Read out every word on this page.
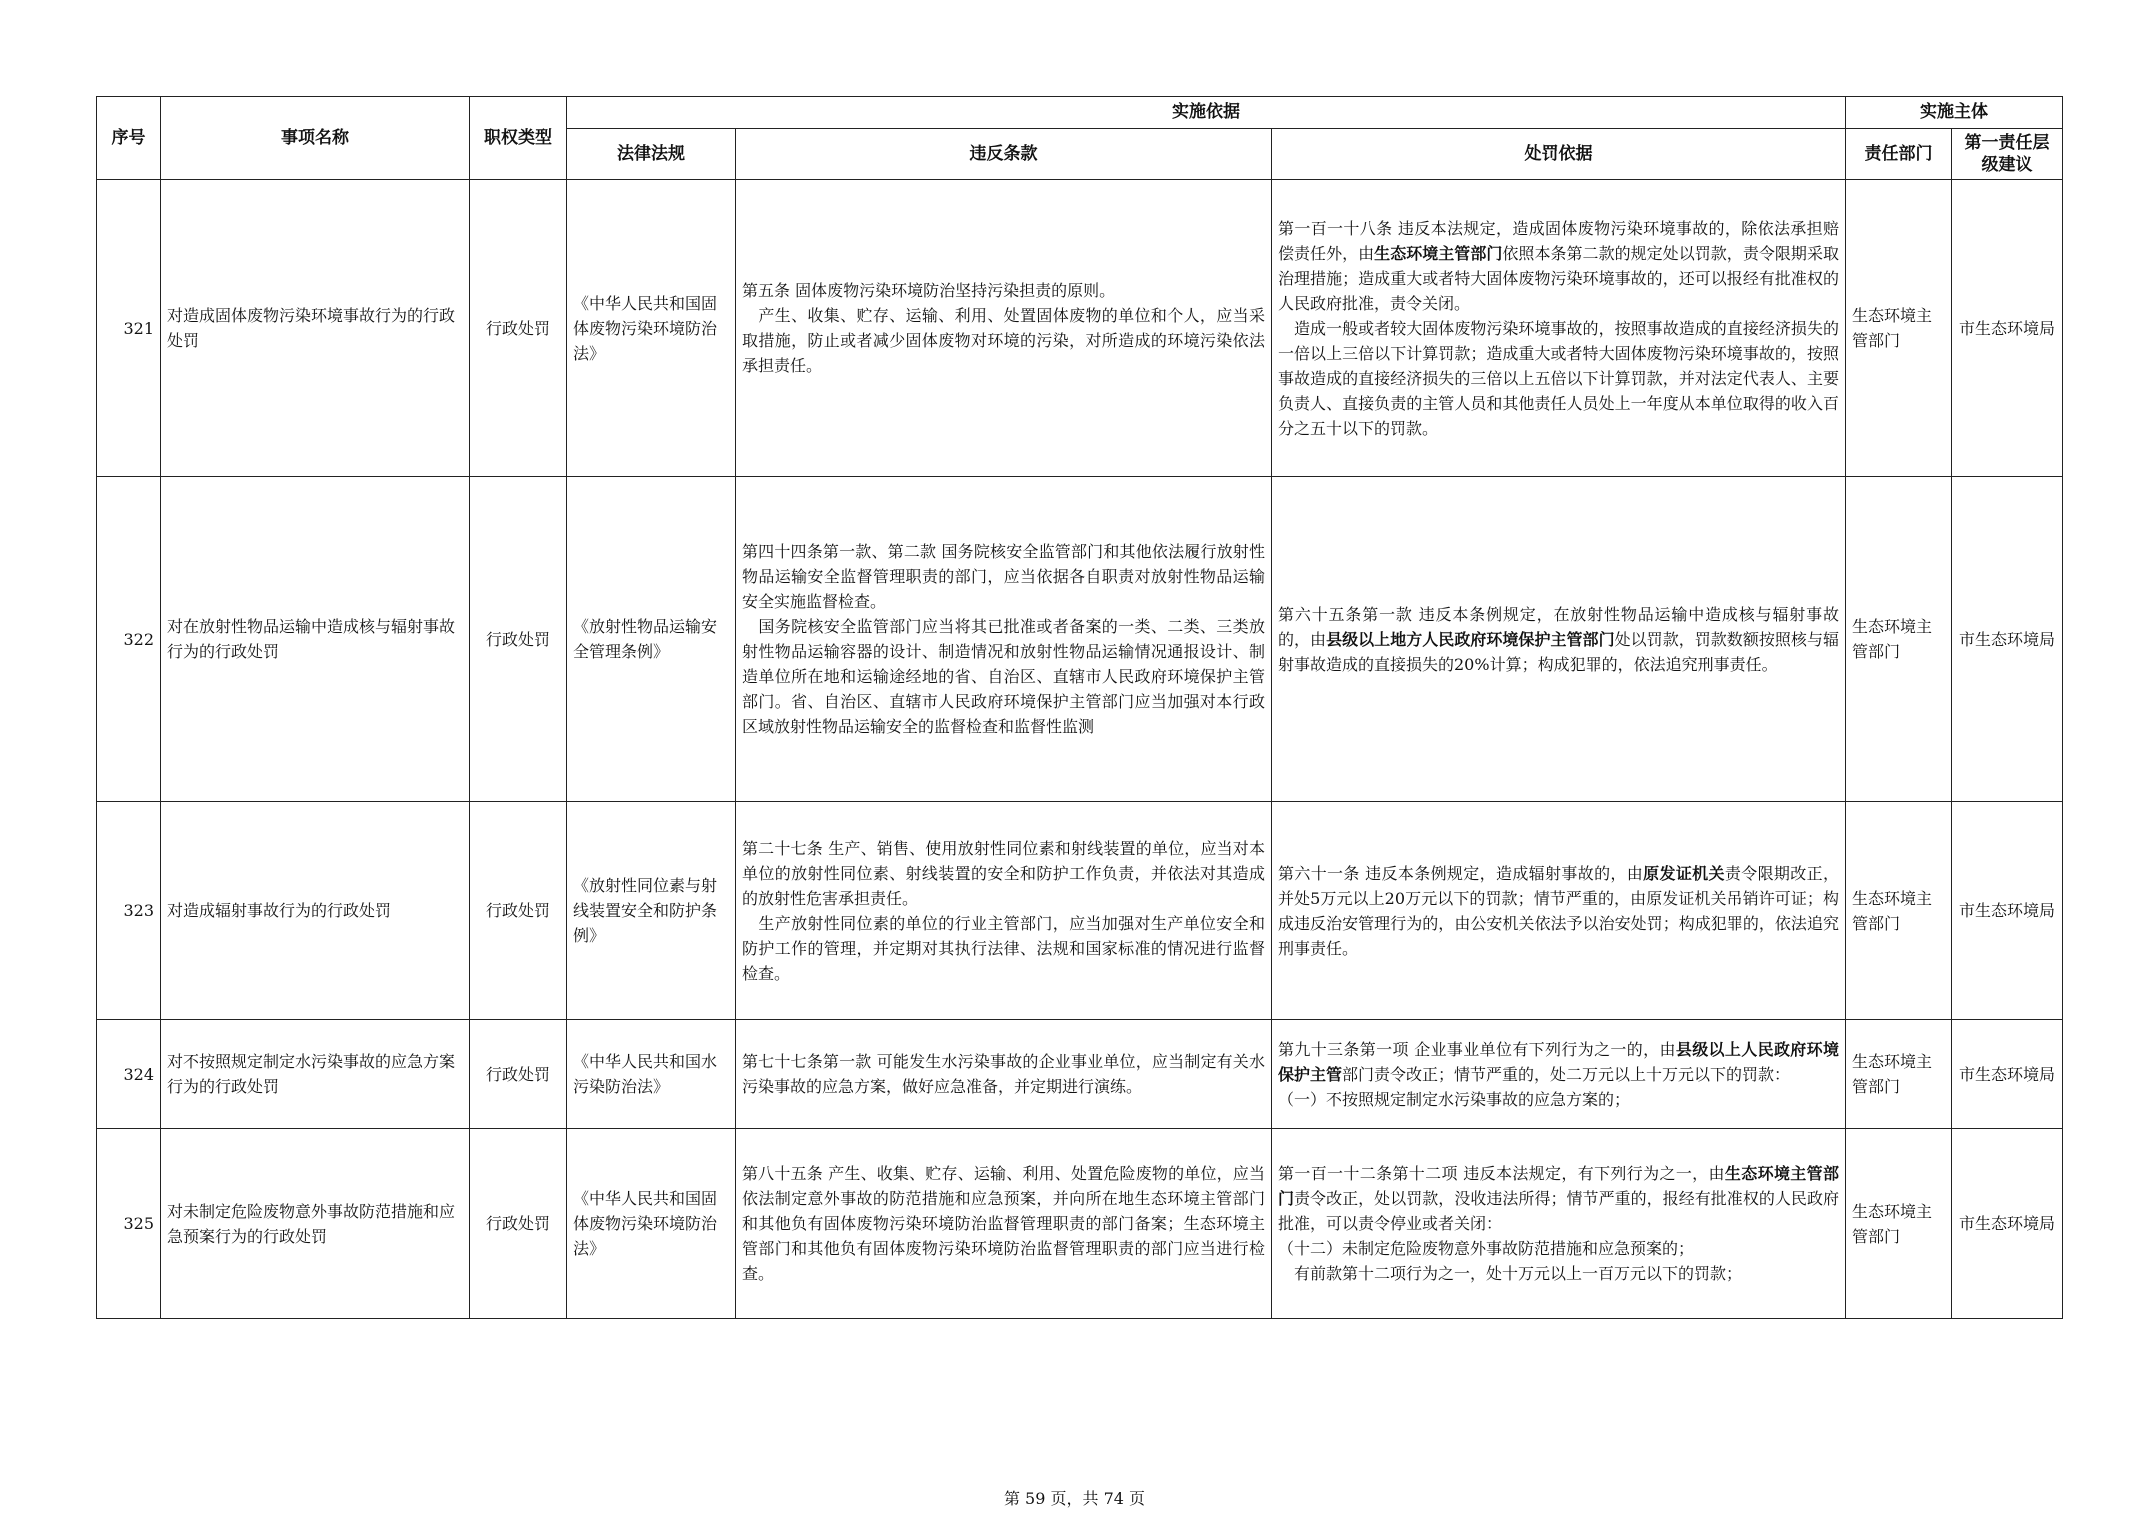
序号	事项名称	职权类型	实施依据			实施主体	
			法律法规	违反条款	处罚依据	责任部门	第一责任层级建议
321	对造成固体废物污染环境事故行为的行政处罚	行政处罚	《中华人民共和国固体废物污染环境防治法》	第五条 固体废物污染环境防治坚持污染担责的原则。
　产生、收集、贮存、运输、利用、处置固体废物的单位和个人，应当采取措施，防止或者减少固体废物对环境的污染，对所造成的环境污染依法承担责任。	第一百一十八条 违反本法规定，造成固体废物污染环境事故的，除依法承担赔偿责任外，由生态环境主管部门依照本条第二款的规定处以罚款，责令限期采取治理措施；造成重大或者特大固体废物污染环境事故的，还可以报经有批准权的人民政府批准，责令关闭。
　造成一般或者较大固体废物污染环境事故的，按照事故造成的直接经济损失的一倍以上三倍以下计算罚款；造成重大或者特大固体废物污染环境事故的，按照事故造成的直接经济损失的三倍以上五倍以下计算罚款，并对法定代表人、主要负责人、直接负责的主管人员和其他责任人员处上一年度从本单位取得的收入百分之五十以下的罚款。	生态环境主管部门	市生态环境局
322	对在放射性物品运输中造成核与辐射事故行为的行政处罚	行政处罚	《放射性物品运输安全管理条例》	第四十四条第一款、第二款 国务院核安全监管部门和其他依法履行放射性物品运输安全监督管理职责的部门，应当依据各自职责对放射性物品运输安全实施监督检查。
　国务院核安全监管部门应当将其已批准或者备案的一类、二类、三类放射性物品运输容器的设计、制造情况和放射性物品运输情况通报设计、制造单位所在地和运输途经地的省、自治区、直辖市人民政府环境保护主管部门。省、自治区、直辖市人民政府环境保护主管部门应当加强对本行政区域放射性物品运输安全的监督检查和监督性监测	第六十五条第一款 违反本条例规定，在放射性物品运输中造成核与辐射事故的，由县级以上地方人民政府环境保护主管部门处以罚款，罚款数额按照核与辐射事故造成的直接损失的20%计算；构成犯罪的，依法追究刑事责任。	生态环境主管部门	市生态环境局
323	对造成辐射事故行为的行政处罚	行政处罚	《放射性同位素与射线装置安全和防护条例》	第二十七条 生产、销售、使用放射性同位素和射线装置的单位，应当对本单位的放射性同位素、射线装置的安全和防护工作负责，并依法对其造成的放射性危害承担责任。
　生产放射性同位素的单位的行业主管部门，应当加强对生产单位安全和防护工作的管理，并定期对其执行法律、法规和国家标准的情况进行监督检查。	第六十一条 违反本条例规定，造成辐射事故的，由原发证机关责令限期改正，并处5万元以上20万元以下的罚款；情节严重的，由原发证机关吊销许可证；构成违反治安管理行为的，由公安机关依法予以治安处罚；构成犯罪的，依法追究刑事责任。	生态环境主管部门	市生态环境局
324	对不按照规定制定水污染事故的应急方案行为的行政处罚	行政处罚	《中华人民共和国水污染防治法》	第七十七条第一款 可能发生水污染事故的企业事业单位，应当制定有关水污染事故的应急方案，做好应急准备，并定期进行演练。	第九十三条第一项 企业事业单位有下列行为之一的，由县级以上人民政府环境保护主管部门责令改正；情节严重的，处二万元以上十万元以下的罚款：
（一）不按照规定制定水污染事故的应急方案的；	生态环境主管部门	市生态环境局
325	对未制定危险废物意外事故防范措施和应急预案行为的行政处罚	行政处罚	《中华人民共和国固体废物污染环境防治法》	第八十五条 产生、收集、贮存、运输、利用、处置危险废物的单位，应当依法制定意外事故的防范措施和应急预案，并向所在地生态环境主管部门和其他负有固体废物污染环境防治监督管理职责的部门备案；生态环境主管部门和其他负有固体废物污染环境防治监督管理职责的部门应当进行检查。	第一百一十二条第十二项 违反本法规定，有下列行为之一，由生态环境主管部门责令改正，处以罚款，没收违法所得；情节严重的，报经有批准权的人民政府批准，可以责令停业或者关闭：
（十二）未制定危险废物意外事故防范措施和应急预案的；
　有前款第十二项行为之一，处十万元以上一百万元以下的罚款；	生态环境主管部门	市生态环境局
第 59 页，共 74 页
